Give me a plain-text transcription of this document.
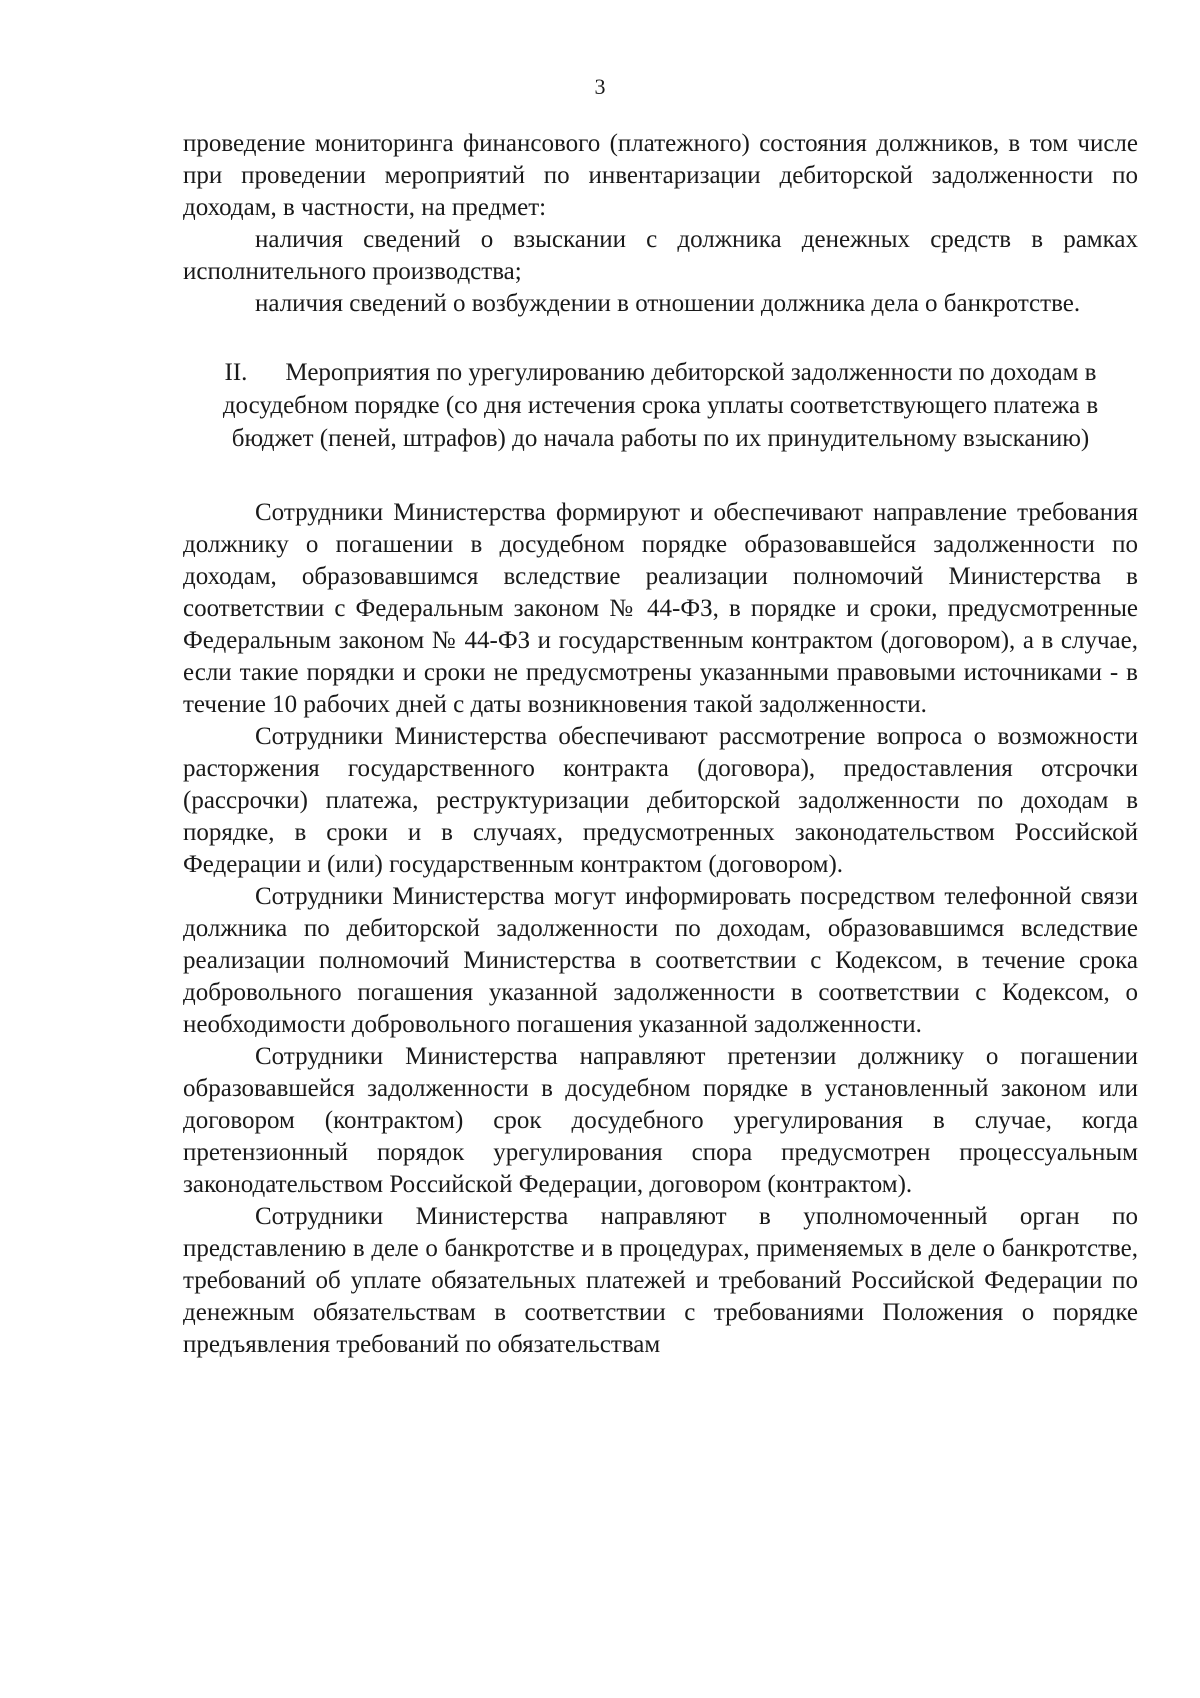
3

проведение мониторинга финансового (платежного) состояния должников, в том числе при проведении мероприятий по инвентаризации дебиторской задолженности по доходам, в частности, на предмет:

наличия сведений о взыскании с должника денежных средств в рамках исполнительного производства;

наличия сведений о возбуждении в отношении должника дела о банкротстве.

II. Мероприятия по урегулированию дебиторской задолженности по доходам в досудебном порядке (со дня истечения срока уплаты соответствующего платежа в бюджет (пеней, штрафов) до начала работы по их принудительному взысканию)

Сотрудники Министерства формируют и обеспечивают направление требования должнику о погашении в досудебном порядке образовавшейся задолженности по доходам, образовавшимся вследствие реализации полномочий Министерства в соответствии с Федеральным законом № 44-ФЗ, в порядке и сроки, предусмотренные Федеральным законом № 44-ФЗ и государственным контрактом (договором), а в случае, если такие порядки и сроки не предусмотрены указанными правовыми источниками - в течение 10 рабочих дней с даты возникновения такой задолженности.

Сотрудники Министерства обеспечивают рассмотрение вопроса о возможности расторжения государственного контракта (договора), предоставления отсрочки (рассрочки) платежа, реструктуризации дебиторской задолженности по доходам в порядке, в сроки и в случаях, предусмотренных законодательством Российской Федерации и (или) государственным контрактом (договором).

Сотрудники Министерства могут информировать посредством телефонной связи должника по дебиторской задолженности по доходам, образовавшимся вследствие реализации полномочий Министерства в соответствии с Кодексом, в течение срока добровольного погашения указанной задолженности в соответствии с Кодексом, о необходимости добровольного погашения указанной задолженности.

Сотрудники Министерства направляют претензии должнику о погашении образовавшейся задолженности в досудебном порядке в установленный законом или договором (контрактом) срок досудебного урегулирования в случае, когда претензионный порядок урегулирования спора предусмотрен процессуальным законодательством Российской Федерации, договором (контрактом).

Сотрудники Министерства направляют в уполномоченный орган по представлению в деле о банкротстве и в процедурах, применяемых в деле о банкротстве, требований об уплате обязательных платежей и требований Российской Федерации по денежным обязательствам в соответствии с требованиями Положения о порядке предъявления требований по обязательствам
